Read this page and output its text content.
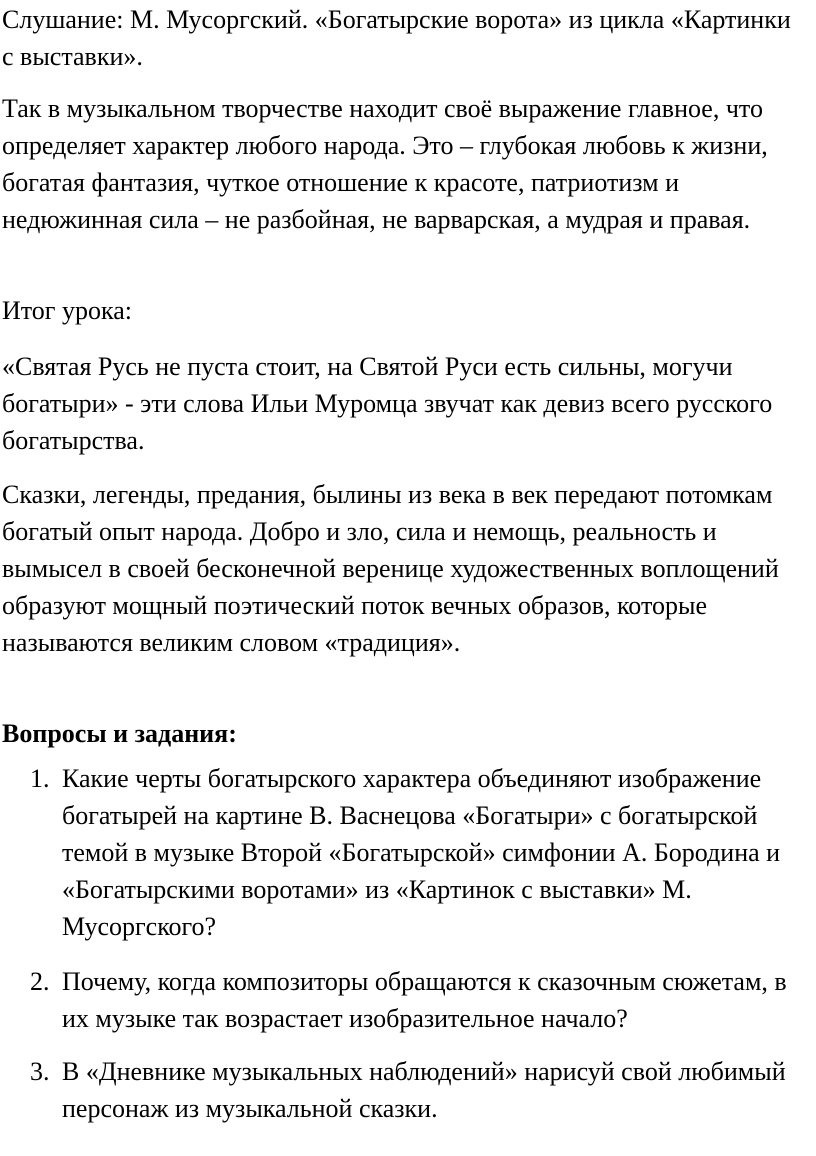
Слушание: М. Мусоргский. «Богатырские ворота» из цикла «Картинки с выставки».

Так в музыкальном творчестве находит своё выражение главное, что определяет характер любого народа. Это – глубокая любовь к жизни, богатая фантазия, чуткое отношение к красоте, патриотизм и недюжинная сила – не разбойная, не варварская, а мудрая и правая.

Итог урока:

«Святая Русь не пуста стоит, на Святой Руси есть сильны, могучи богатыри» - эти слова Ильи Муромца звучат как девиз всего русского богатырства.

Сказки, легенды, предания, былины из века в век передают потомкам богатый опыт народа. Добро и зло, сила и немощь, реальность и вымысел в своей бесконечной веренице художественных воплощений образуют мощный поэтический поток вечных образов, которые называются великим словом «традиция».

Вопросы и задания:

1. Какие черты богатырского характера объединяют изображение богатырей на картине В. Васнецова «Богатыри» с богатырской темой в музыке Второй «Богатырской» симфонии А. Бородина и «Богатырскими воротами» из «Картинок с выставки» М. Мусоргского?
2. Почему, когда композиторы обращаются к сказочным сюжетам, в их музыке так возрастает изобразительное начало?
3. В «Дневнике музыкальных наблюдений» нарисуй свой любимый персонаж из музыкальной сказки.
